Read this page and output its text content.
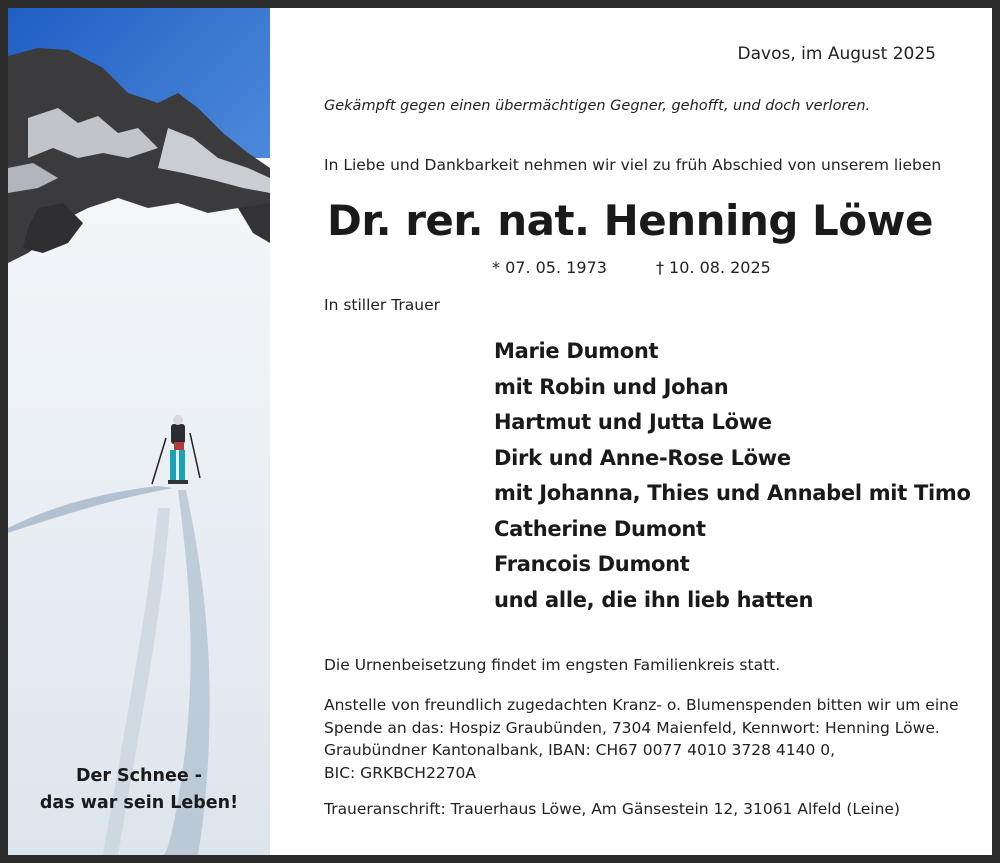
Der Schnee -
das war sein Leben!
Davos, im August 2025
Gekämpft gegen einen übermächtigen Gegner, gehofft, und doch verloren.
In Liebe und Dankbarkeit nehmen wir viel zu früh Abschied von unserem lieben
Dr. rer. nat. Henning Löwe
* 07. 05. 1973	† 10. 08. 2025
In stiller Trauer
Marie Dumont
mit Robin und Johan
Hartmut und Jutta Löwe
Dirk und Anne-Rose Löwe
mit Johanna, Thies und Annabel mit Timo
Catherine Dumont
Francois Dumont
und alle, die ihn lieb hatten
Die Urnenbeisetzung findet im engsten Familienkreis statt.
Anstelle von freundlich zugedachten Kranz- o. Blumenspenden bitten wir um eine
Spende an das: Hospiz Graubünden, 7304 Maienfeld, Kennwort: Henning Löwe.
Graubündner Kantonalbank, IBAN: CH67 0077 4010 3728 4140 0,
BIC: GRKBCH2270A
Traueranschrift: Trauerhaus Löwe, Am Gänsestein 12, 31061 Alfeld (Leine)
